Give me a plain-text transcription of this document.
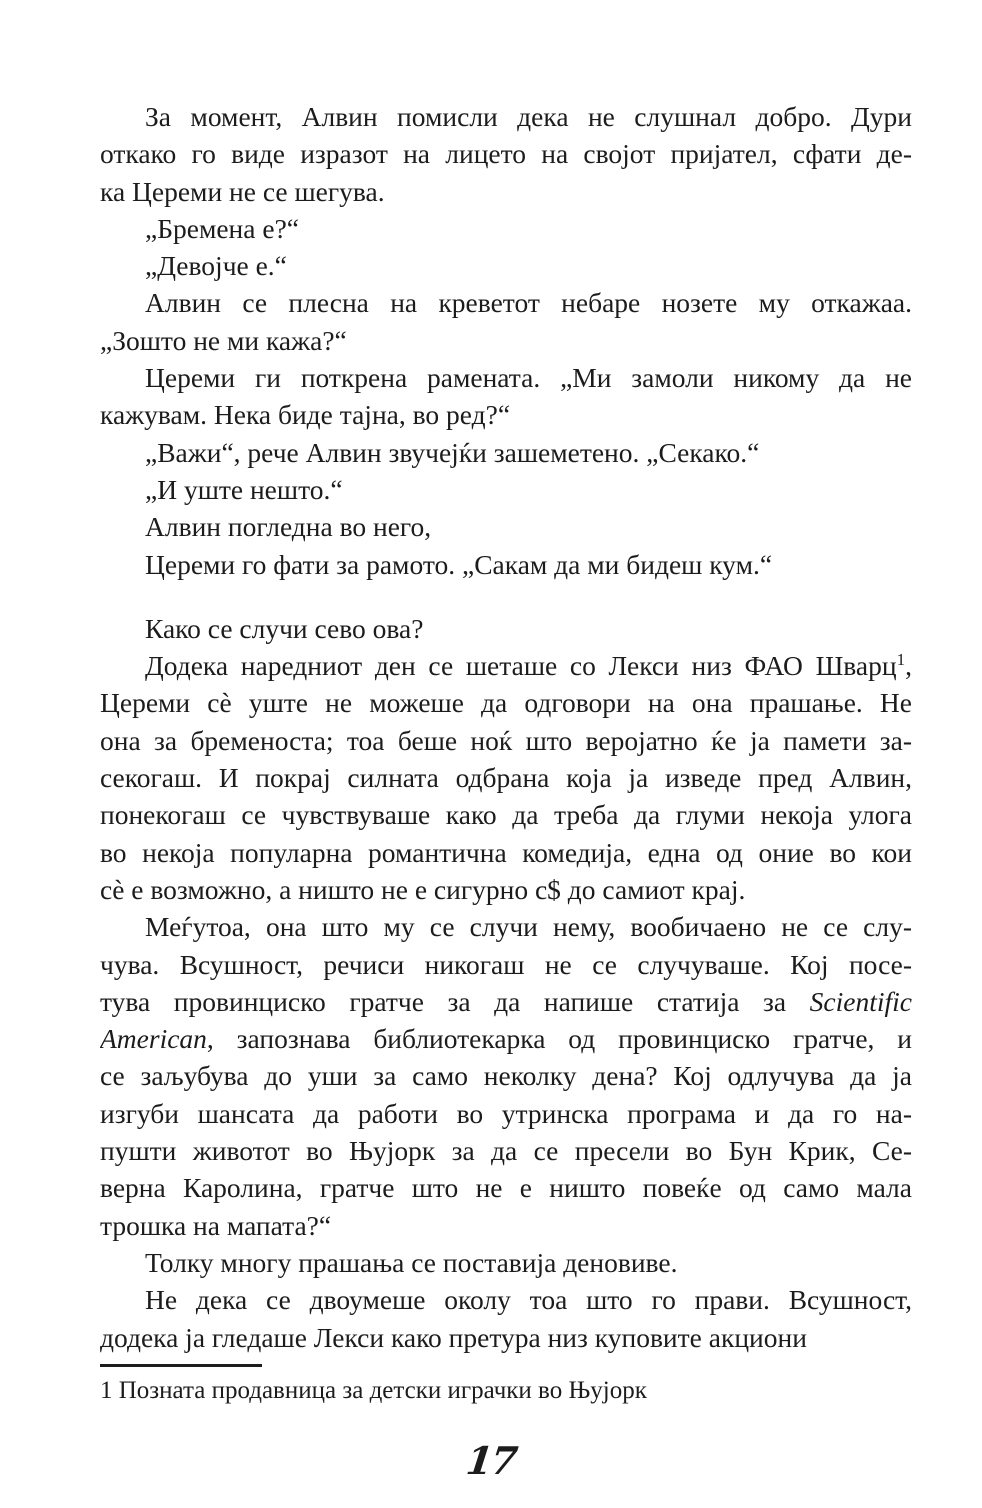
За момент, Алвин помисли дека не слушнал добро. Дури
откако го виде изразот на лицето на својот пријател, сфати де-
ка Цереми не се шегува.
„Бремена е?“
„Девојче е.“
Алвин се плесна на креветот небаре нозете му откажаа.
„Зошто не ми кажа?“
Цереми ги поткрена рамената. „Ми замоли никому да не
кажувам. Нека биде тајна, во ред?“
„Важи“, рече Алвин звучејќи зашеметено. „Секако.“
„И уште нешто.“
Алвин погледна во него,
Цереми го фати за рамото. „Сакам да ми бидеш кум.“
Како се случи сево ова?
Додека наредниот ден се шеташе со Лекси низ ФАО Шварц$^1$,
Цереми сѐ уште не можеше да одговори на она прашање. Не
она за бременоста; тоа беше ноќ што веројатно ќе ја памети за-
секогаш. И покрај силната одбрана која ја изведе пред Алвин,
понекогаш се чувствуваше како да треба да глуми некоја улога
во некоја популарна романтична комедија, една од оние во кои
сѐ е возможно, а ништо не е сигурно с$ до самиот крај.
Меѓутоа, она што му се случи нему, вообичаено не се слу-
чува. Всушност, речиси никогаш не се случуваше. Кој посе-
тува провинциско гратче за да напише статија за Scientific
American, запознава библиотекарка од провинциско гратче, и
се заљубува до уши за само неколку дена? Кој одлучува да ја
изгуби шансата да работи во утринска програма и да го на-
пушти животот во Њујорк за да се пресели во Бун Крик, Се-
верна Каролина, гратче што не е ништо повеќе од само мала
трошка на мапата?“
Толку многу прашања се поставија деновиве.
Не дека се двоумеше околу тоа што го прави. Всушност,
додека ја гледаше Лекси како претура низ куповите акциони
1 Позната продавница за детски играчки во Њујорк
17
